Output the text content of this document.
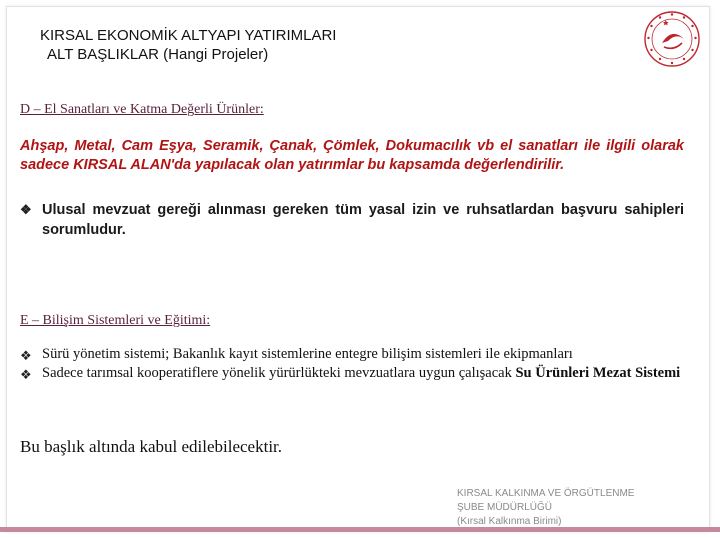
KIRSAL EKONOMİK ALTYAPI YATIRIMLARI
ALT BAŞLIKLAR (Hangi Projeler)
D – El Sanatları ve Katma Değerli Ürünler:

Ahşap, Metal, Cam Eşya, Seramik, Çanak, Çömlek, Dokumacılık vb el sanatları ile ilgili olarak sadece KIRSAL ALAN'da yapılacak olan yatırımlar bu kapsamda değerlendirilir.

❖ Ulusal mevzuat gereği alınması gereken tüm yasal izin ve ruhsatlardan başvuru sahipleri sorumludur.
E – Bilişim Sistemleri ve Eğitimi:
❖ Sürü yönetim sistemi; Bakanlık kayıt sistemlerine entegre bilişim sistemleri ile ekipmanları
❖ Sadece tarımsal kooperatiflere yönelik yürürlükteki mevzuatlara uygun çalışacak Su Ürünleri Mezat Sistemi

Bu başlık altında kabul edilebilecektir.

KIRSAL KALKINMA VE ÖRGÜTLENME
ŞUBE MÜDÜRLÜĞÜ
(Kırsal Kalkınma Birimi)
